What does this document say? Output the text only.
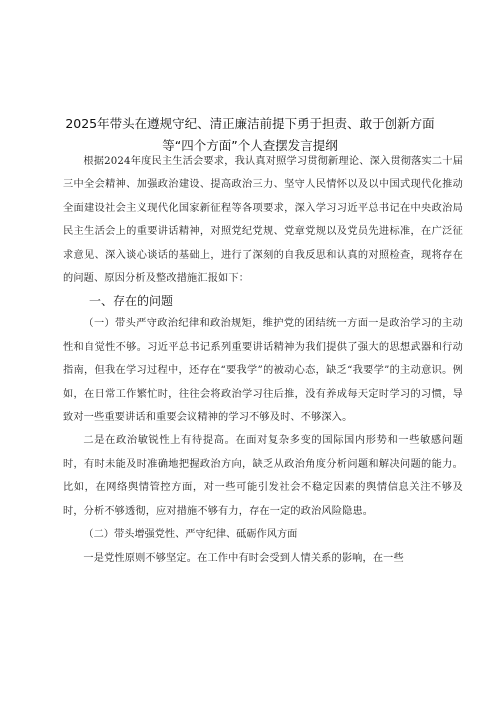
2025年带头在遵规守纪、清正廉洁前提下勇于担责、敢于创新方面
等“四个方面”个人查摆发言提纲

根据2024年度民主生活会要求，我认真对照学习贯彻新理论、深入贯彻落实二十届三中全会精神、加强政治建设、提高政治三力、坚守人民情怀以及以中国式现代化推动全面建设社会主义现代化国家新征程等各项要求，深入学习习近平总书记在中央政治局民主生活会上的重要讲话精神，对照党纪党规、党章党规以及党员先进标准，在广泛征求意见、深入谈心谈话的基础上，进行了深刻的自我反思和认真的对照检查，现将存在的问题、原因分析及整改措施汇报如下：

一、存在的问题

（一）带头严守政治纪律和政治规矩，维护党的团结统一方面一是政治学习的主动性和自觉性不够。习近平总书记系列重要讲话精神为我们提供了强大的思想武器和行动指南，但我在学习过程中，还存在“要我学”的被动心态，缺乏“我要学”的主动意识。例如，在日常工作繁忙时，往往会将政治学习往后推，没有养成每天定时学习的习惯，导致对一些重要讲话和重要会议精神的学习不够及时、不够深入。

二是在政治敏锐性上有待提高。在面对复杂多变的国际国内形势和一些敏感问题时，有时未能及时准确地把握政治方向，缺乏从政治角度分析问题和解决问题的能力。比如，在网络舆情管控方面，对一些可能引发社会不稳定因素的舆情信息关注不够及时，分析不够透彻，应对措施不够有力，存在一定的政治风险隐患。

（二）带头增强党性、严守纪律、砥砺作风方面

一是党性原则不够坚定。在工作中有时会受到人情关系的影响，在一些
